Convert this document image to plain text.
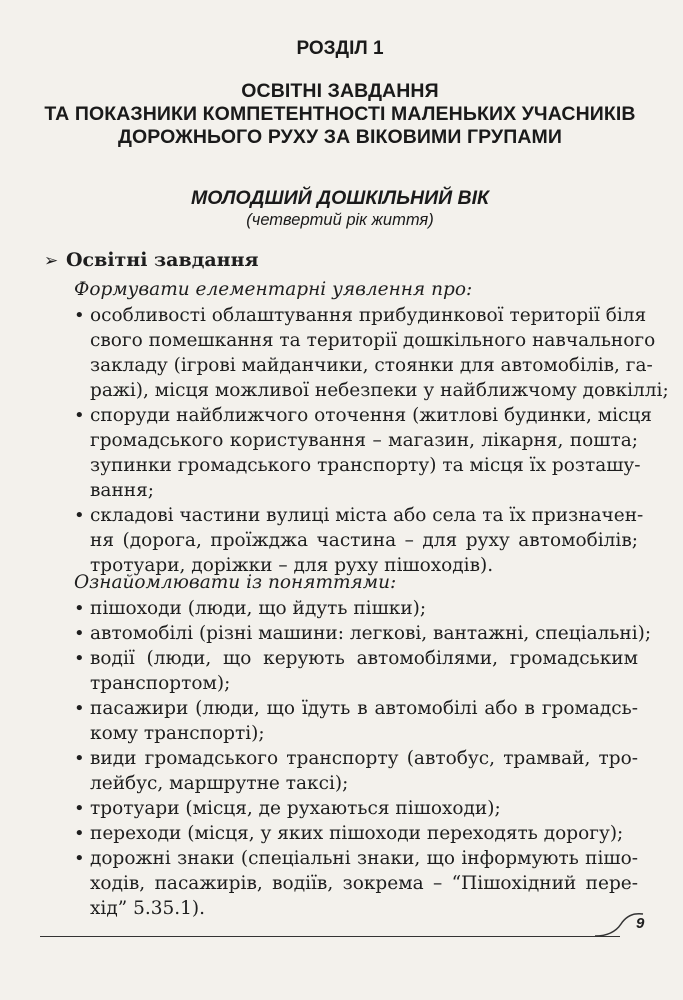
РОЗДІЛ 1
ОСВІТНІ ЗАВДАННЯ
ТА ПОКАЗНИКИ КОМПЕТЕНТНОСТІ МАЛЕНЬКИХ УЧАСНИКІВ
ДОРОЖНЬОГО РУХУ ЗА ВІКОВИМИ ГРУПАМИ
МОЛОДШИЙ ДОШКІЛЬНИЙ ВІК
(четвертий рік життя)
➢ Освітні завдання
Формувати елементарні уявлення про:
• особливості облаштування прибудинкової території біля
свого помешкання та території дошкільного навчального
закладу (ігрові майданчики, стоянки для автомобілів, га-
ражі), місця можливої небезпеки у найближчому довкіллі;
• споруди найближчого оточення (житлові будинки, місця
громадського користування – магазин, лікарня, пошта;
зупинки громадського транспорту) та місця їх розташу-
вання;
• складові частини вулиці міста або села та їх призначен-
ня (дорога, проїжджа частина – для руху автомобілів;
тротуари, доріжки – для руху пішоходів).
Ознайомлювати із поняттями:
• пішоходи (люди, що йдуть пішки);
• автомобілі (різні машини: легкові, вантажні, спеціальні);
• водії (люди, що керують автомобілями, громадським
транспортом);
• пасажири (люди, що їдуть в автомобілі або в громадсь-
кому транспорті);
• види громадського транспорту (автобус, трамвай, тро-
лейбус, маршрутне таксі);
• тротуари (місця, де рухаються пішоходи);
• переходи (місця, у яких пішоходи переходять дорогу);
• дорожні знаки (спеціальні знаки, що інформують пішо-
ходів, пасажирів, водіїв, зокрема – “Пішохідний пере-
хід” 5.35.1).
9
